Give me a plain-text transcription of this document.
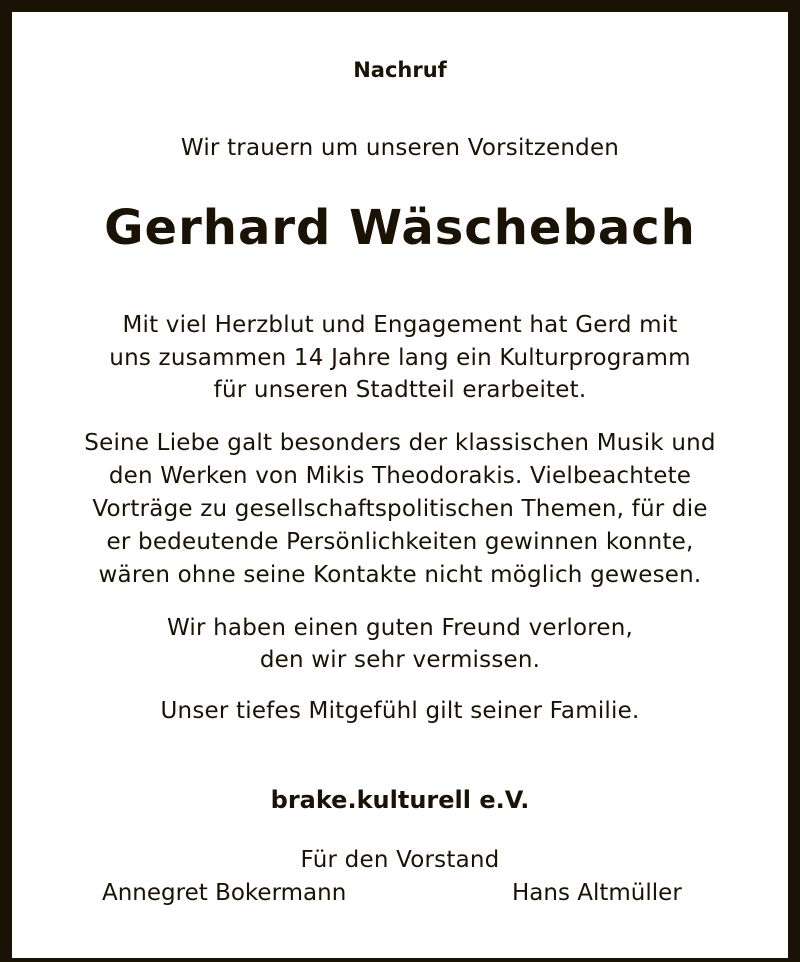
Nachruf
Wir trauern um unseren Vorsitzenden
Gerhard Wäschebach
Mit viel Herzblut und Engagement hat Gerd mit
uns zusammen 14 Jahre lang ein Kulturprogramm
für unseren Stadtteil erarbeitet.
Seine Liebe galt besonders der klassischen Musik und
den Werken von Mikis Theodorakis. Vielbeachtete
Vorträge zu gesellschaftspolitischen Themen, für die
er bedeutende Persönlichkeiten gewinnen konnte,
wären ohne seine Kontakte nicht möglich gewesen.
Wir haben einen guten Freund verloren,
den wir sehr vermissen.
Unser tiefes Mitgefühl gilt seiner Familie.
brake.kulturell e.V.
Für den Vorstand
Annegret Bokermann	Hans Altmüller
